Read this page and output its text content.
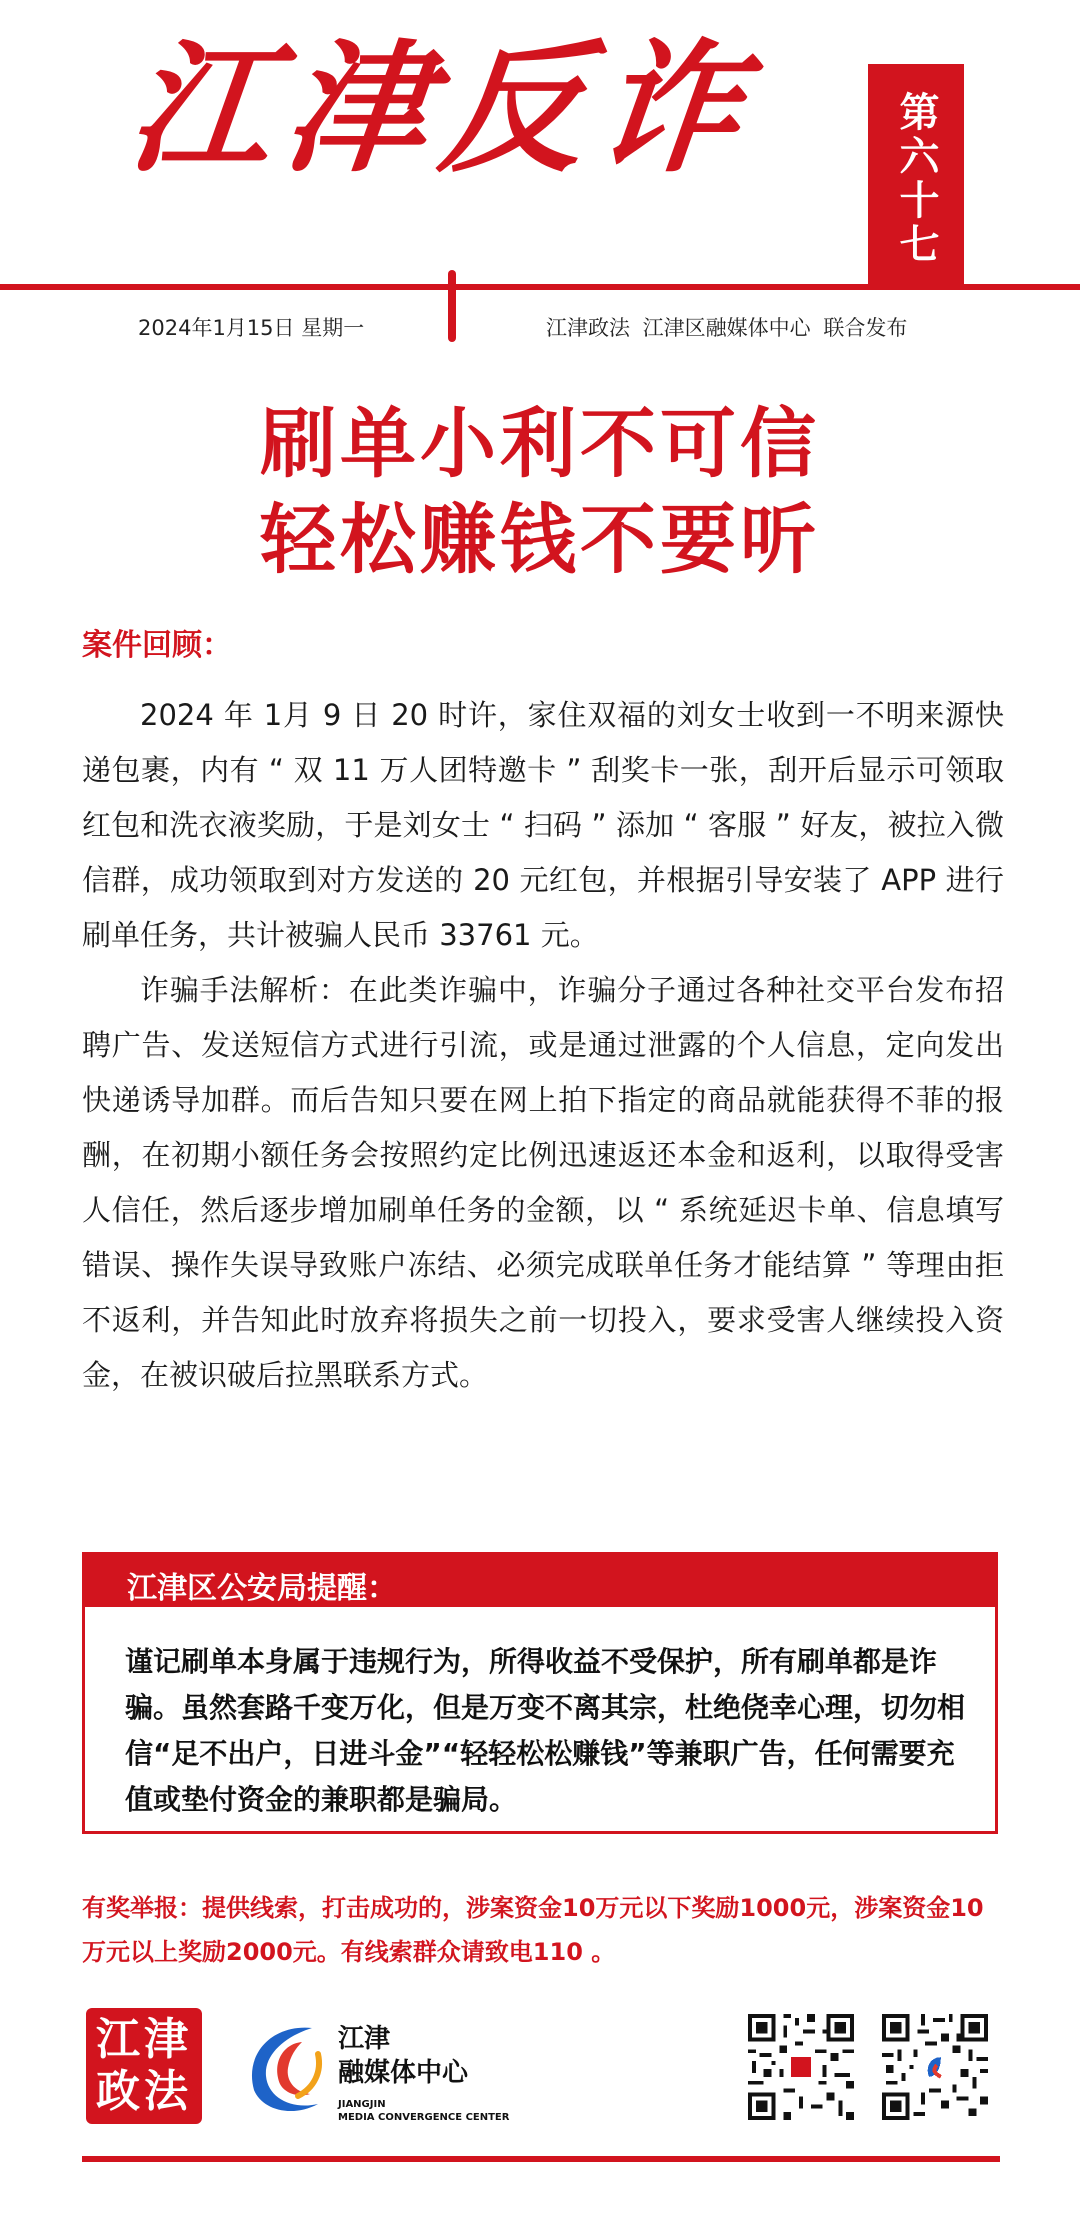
江津反诈	第六十七期
2024年1月15日 星期一	江津政法 江津区融媒体中心 联合发布
刷单小利不可信
轻松赚钱不要听
案件回顾：

2024 年 1月 9 日 20 时许，家住双福的刘女士收到一不明来源快递包裹，内有 “ 双 11 万人团特邀卡 ” 刮奖卡一张，刮开后显示可领取红包和洗衣液奖励，于是刘女士 “ 扫码 ” 添加 “ 客服 ” 好友，被拉入微信群，成功领取到对方发送的 20 元红包，并根据引导安装了 APP 进行刷单任务，共计被骗人民币 33761 元。

诈骗手法解析：在此类诈骗中，诈骗分子通过各种社交平台发布招聘广告、发送短信方式进行引流，或是通过泄露的个人信息，定向发出快递诱导加群。而后告知只要在网上拍下指定的商品就能获得不菲的报酬，在初期小额任务会按照约定比例迅速返还本金和返利，以取得受害人信任，然后逐步增加刷单任务的金额，以 “ 系统延迟卡单、信息填写错误、操作失误导致账户冻结、必须完成联单任务才能结算 ” 等理由拒不返利，并告知此时放弃将损失之前一切投入，要求受害人继续投入资金，在被识破后拉黑联系方式。

江津区公安局提醒：
谨记刷单本身属于违规行为，所得收益不受保护，所有刷单都是诈骗。虽然套路千变万化，但是万变不离其宗，杜绝侥幸心理，切勿相信“足不出户，日进斗金”“轻轻松松赚钱”等兼职广告，任何需要充值或垫付资金的兼职都是骗局。
有奖举报：提供线索，打击成功的，涉案资金10万元以下奖励1000元，涉案资金10万元以上奖励2000元。有线索群众请致电110 。
江津政法
江津
融媒体中心
JIANGJIN
MEDIA CONVERGENCE CENTER
